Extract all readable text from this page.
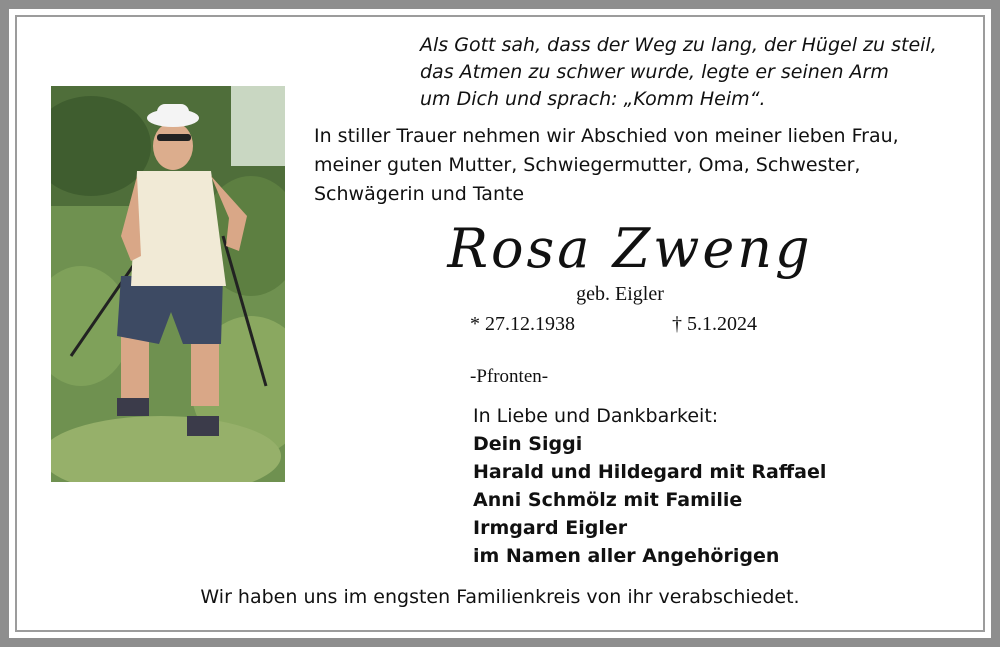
Als Gott sah, dass der Weg zu lang, der Hügel zu steil,
das Atmen zu schwer wurde, legte er seinen Arm
um Dich und sprach: „Komm Heim“.

In stiller Trauer nehmen wir Abschied von meiner lieben Frau,
meiner guten Mutter, Schwiegermutter, Oma, Schwester,
Schwägerin und Tante

Rosa Zweng

geb. Eigler

* 27.12.1938	† 5.1.2024

-Pfronten-

In Liebe und Dankbarkeit:
Dein Siggi
Harald und Hildegard mit Raffael
Anni Schmölz mit Familie
Irmgard Eigler
im Namen aller Angehörigen

Wir haben uns im engsten Familienkreis von ihr verabschiedet.
